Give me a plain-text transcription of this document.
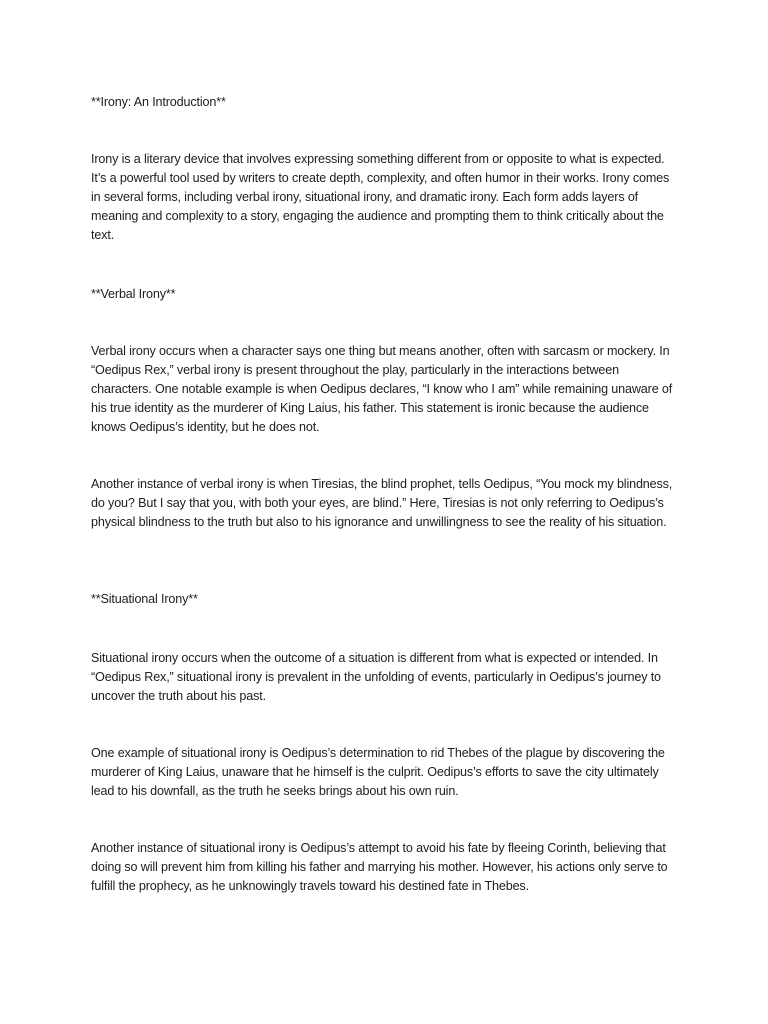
**Irony: An Introduction**

Irony is a literary device that involves expressing something different from or opposite to what is expected. It’s a powerful tool used by writers to create depth, complexity, and often humor in their works. Irony comes in several forms, including verbal irony, situational irony, and dramatic irony. Each form adds layers of meaning and complexity to a story, engaging the audience and prompting them to think critically about the text.

**Verbal Irony**

Verbal irony occurs when a character says one thing but means another, often with sarcasm or mockery. In “Oedipus Rex,” verbal irony is present throughout the play, particularly in the interactions between characters. One notable example is when Oedipus declares, “I know who I am” while remaining unaware of his true identity as the murderer of King Laius, his father. This statement is ironic because the audience knows Oedipus’s identity, but he does not.

Another instance of verbal irony is when Tiresias, the blind prophet, tells Oedipus, “You mock my blindness, do you? But I say that you, with both your eyes, are blind.” Here, Tiresias is not only referring to Oedipus’s physical blindness to the truth but also to his ignorance and unwillingness to see the reality of his situation.

**Situational Irony**

Situational irony occurs when the outcome of a situation is different from what is expected or intended. In “Oedipus Rex,” situational irony is prevalent in the unfolding of events, particularly in Oedipus’s journey to uncover the truth about his past.

One example of situational irony is Oedipus’s determination to rid Thebes of the plague by discovering the murderer of King Laius, unaware that he himself is the culprit. Oedipus’s efforts to save the city ultimately lead to his downfall, as the truth he seeks brings about his own ruin.

Another instance of situational irony is Oedipus’s attempt to avoid his fate by fleeing Corinth, believing that doing so will prevent him from killing his father and marrying his mother. However, his actions only serve to fulfill the prophecy, as he unknowingly travels toward his destined fate in Thebes.
